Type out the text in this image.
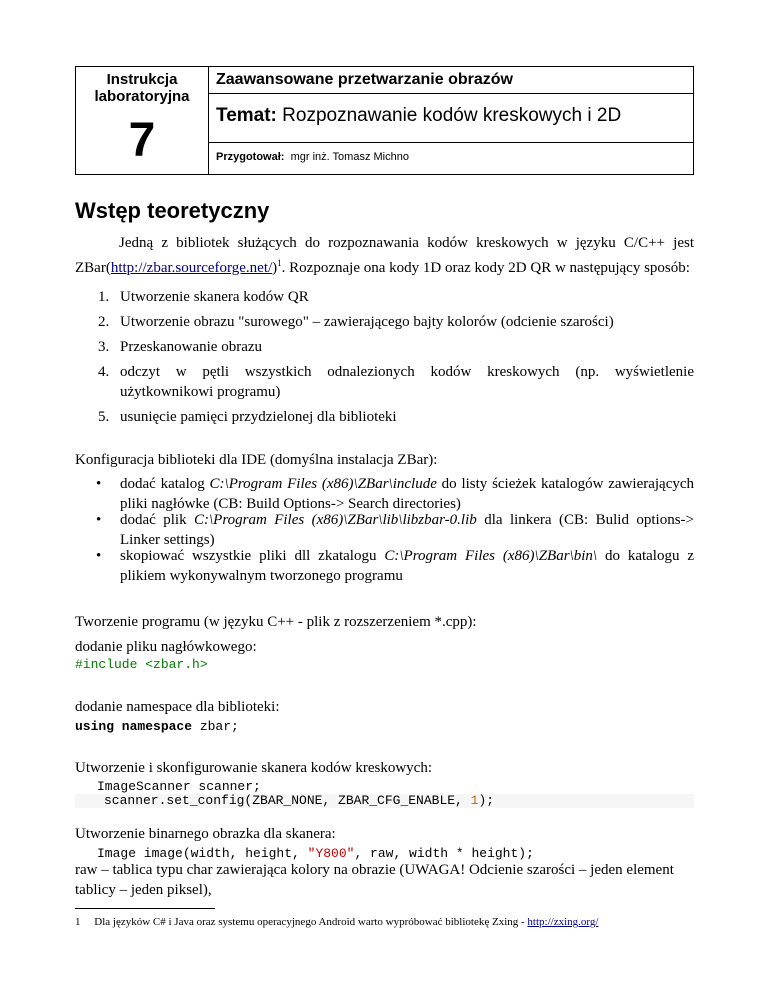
Instrukcja
laboratoryjna
7
Zaawansowane przetwarzanie obrazów
Temat: Rozpoznawanie kodów kreskowych i 2D
Przygotował: mgr inż. Tomasz Michno
Wstęp teoretyczny
Jedną z bibliotek służących do rozpoznawania kodów kreskowych w języku C/C++ jest ZBar(http://zbar.sourceforge.net/)$^1$. Rozpoznaje ona kody 1D oraz kody 2D QR w następujący sposób:
1. Utworzenie skanera kodów QR
2. Utworzenie obrazu "surowego" – zawierającego bajty kolorów (odcienie szarości)
3. Przeskanowanie obrazu
4. odczyt w pętli wszystkich odnalezionych kodów kreskowych (np. wyświetlenie użytkownikowi programu)
5. usunięcie pamięci przydzielonej dla biblioteki
Konfiguracja biblioteki dla IDE (domyślna instalacja ZBar):
• dodać katalog C:\Program Files (x86)\ZBar\include do listy ścieżek katalogów zawierających pliki nagłówke (CB: Build Options-> Search directories)
• dodać plik C:\Program Files (x86)\ZBar\lib\libzbar-0.lib dla linkera (CB: Bulid options-> Linker settings)
• skopiować wszystkie pliki dll zkatalogu C:\Program Files (x86)\ZBar\bin\ do katalogu z plikiem wykonywalnym tworzonego programu
Tworzenie programu (w języku C++ - plik z rozszerzeniem *.cpp):
dodanie pliku nagłówkowego:
#include <zbar.h>
dodanie namespace dla biblioteki:
using namespace zbar;
Utworzenie i skonfigurowanie skanera kodów kreskowych:
ImageScanner scanner;
scanner.set_config(ZBAR_NONE, ZBAR_CFG_ENABLE, 1);
Utworzenie binarnego obrazka dla skanera:
Image image(width, height, "Y800", raw, width * height);
raw – tablica typu char zawierająca kolory na obrazie (UWAGA! Odcienie szarości – jeden element tablicy – jeden piksel),
1 Dla języków C# i Java oraz systemu operacyjnego Android warto wypróbować bibliotekę Zxing - http://zxing.org/
